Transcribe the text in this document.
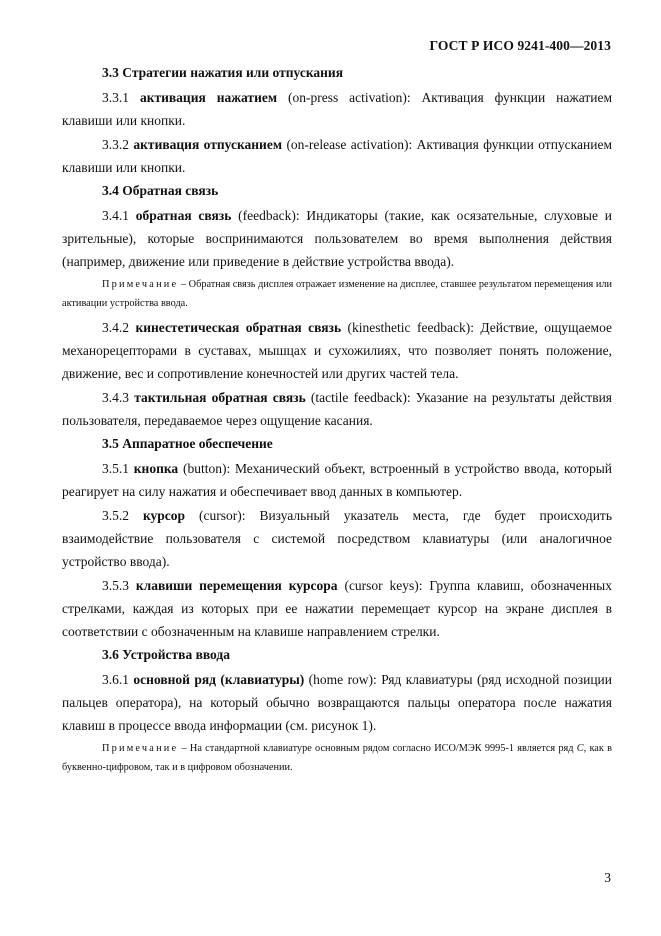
ГОСТ Р ИСО 9241-400—2013
3.3 Стратегии нажатия или отпускания

3.3.1 активация нажатием (on-press activation): Активация функции нажатием клавиши или кнопки.

3.3.2 активация отпусканием (on-release activation): Активация функции отпусканием клавиши или кнопки.

3.4 Обратная связь

3.4.1 обратная связь (feedback): Индикаторы (такие, как осязательные, слуховые и зрительные), которые воспринимаются пользователем во время выполнения действия (например, движение или приведение в действие устройства ввода).

Примечание – Обратная связь дисплея отражает изменение на дисплее, ставшее результатом перемещения или активации устройства ввода.

3.4.2 кинестетическая обратная связь (kinesthetic feedback): Действие, ощущаемое механорецепторами в суставах, мышцах и сухожилиях, что позволяет понять положение, движение, вес и сопротивление конечностей или других частей тела.

3.4.3 тактильная обратная связь (tactile feedback): Указание на результаты действия пользователя, передаваемое через ощущение касания.

3.5 Аппаратное обеспечение

3.5.1 кнопка (button): Механический объект, встроенный в устройство ввода, который реагирует на силу нажатия и обеспечивает ввод данных в компьютер.

3.5.2 курсор (cursor): Визуальный указатель места, где будет происходить взаимодействие пользователя с системой посредством клавиатуры (или аналогичное устройство ввода).

3.5.3 клавиши перемещения курсора (cursor keys): Группа клавиш, обозначенных стрелками, каждая из которых при ее нажатии перемещает курсор на экране дисплея в соответствии с обозначенным на клавише направлением стрелки.

3.6 Устройства ввода

3.6.1 основной ряд (клавиатуры) (home row): Ряд клавиатуры (ряд исходной позиции пальцев оператора), на который обычно возвращаются пальцы оператора после нажатия клавиш в процессе ввода информации (см. рисунок 1).

Примечание – На стандартной клавиатуре основным рядом согласно ИСО/МЭК 9995-1 является ряд C, как в буквенно-цифровом, так и в цифровом обозначении.

3
